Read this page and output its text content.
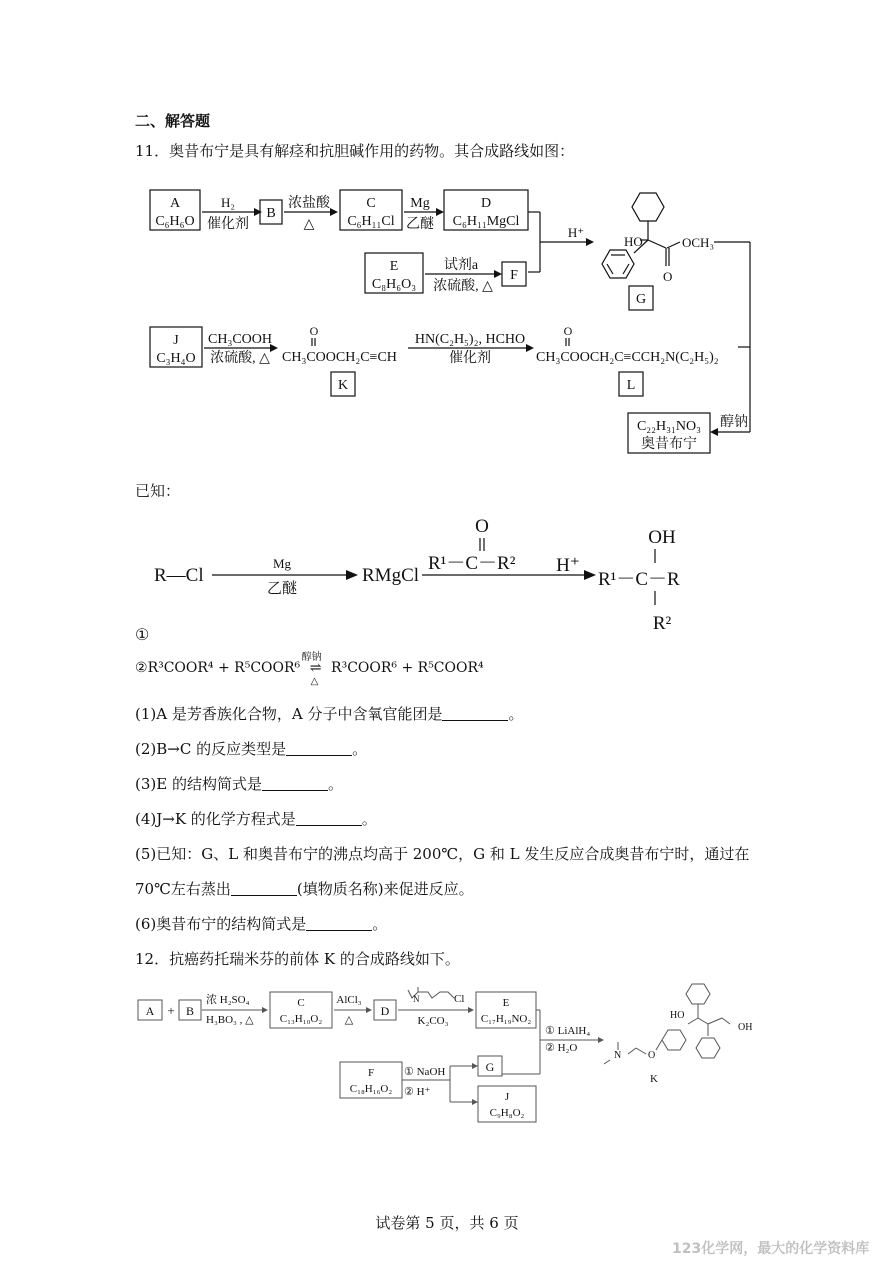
二、解答题
11．奥昔布宁是具有解痉和抗胆碱作用的药物。其合成路线如图：
A
C₆H₆O
H₂
催化剂
B
浓盐酸
△
C
C₆H₁₁Cl
Mg
乙醚
D
C₆H₁₁MgCl
H⁺
E
C₈H₆O₃
试剂a
浓硫酸, △
F
HO	OCH₃
O
G
醇钠
J
C₃H₄O
CH₃COOH
浓硫酸, △
O
CH₃COOCH₂C≡CH
K
HN(C₂H₅)₂, HCHO
催化剂
O
CH₃COOCH₂C≡CCH₂N(C₂H₅)₂
L
C₂₂H₃₁NO₃
奥昔布宁
已知：
R—Cl
Mg
乙醚
RMgCl
O
R¹－C－R² H⁺
R¹－C－R
OH
R²
①
②R³COOR⁴ + R⁵COOR⁶
醇钠
⇌
△
R³COOR⁶ + R⁵COOR⁴
(1)A 是芳香族化合物，A 分子中含氧官能团是	。
(2)B→C 的反应类型是	。
(3)E 的结构简式是	。
(4)J→K 的化学方程式是	。
(5)已知：G、L 和奥昔布宁的沸点均高于 200℃，G 和 L 发生反应合成奥昔布宁时，通过在
70℃左右蒸出	(填物质名称)来促进反应。
(6)奥昔布宁的结构简式是	。
12．抗癌药托瑞米芬的前体 K 的合成路线如下。
A + B
浓 H₂SO₄
H₃BO₃ , △
C
C₁₃H₁₀O₂
AlCl₃
△
D
N	Cl
K₂CO₃
E
C₁₇H₁₉NO₂
① LiAlH₄
② H₂O
F
C₁₈H₁₆O₂
① NaOH
② H⁺
G
J
C₉H₈O₂
OH
HO
O
N
K
试卷第 5 页，共 6 页
123化学网，最大的化学资料库
